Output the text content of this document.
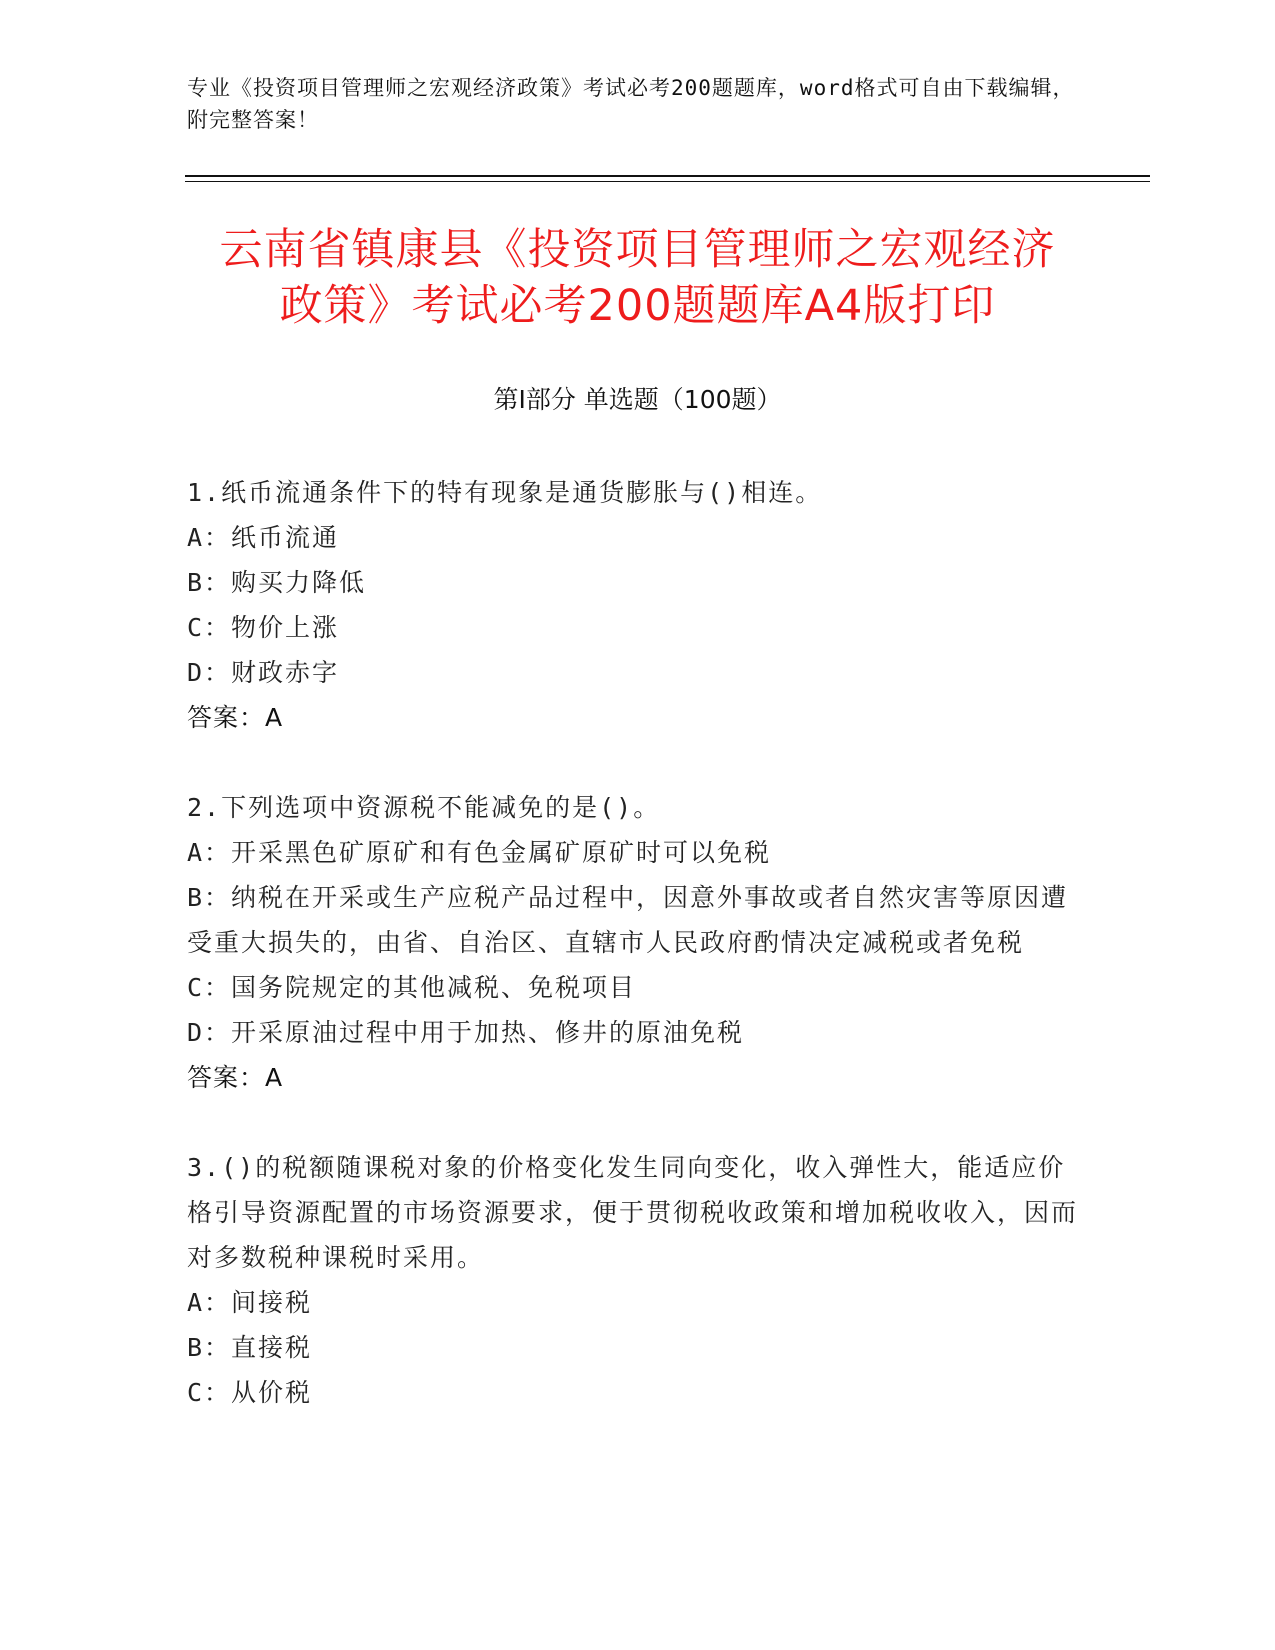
专业《投资项目管理师之宏观经济政策》考试必考200题题库，word格式可自由下载编辑，附完整答案！
云南省镇康县《投资项目管理师之宏观经济
政策》考试必考200题题库A4版打印
第I部分 单选题（100题）

1.纸币流通条件下的特有现象是通货膨胀与()相连。

A：纸币流通

B：购买力降低

C：物价上涨

D：财政赤字

答案：A

2.下列选项中资源税不能减免的是()。

A：开采黑色矿原矿和有色金属矿原矿时可以免税

B：纳税在开采或生产应税产品过程中，因意外事故或者自然灾害等原因遭受重大损失的，由省、自治区、直辖市人民政府酌情决定减税或者免税

C：国务院规定的其他减税、免税项目

D：开采原油过程中用于加热、修井的原油免税

答案：A

3.()的税额随课税对象的价格变化发生同向变化，收入弹性大，能适应价格引导资源配置的市场资源要求，便于贯彻税收政策和增加税收收入，因而对多数税种课税时采用。

A：间接税

B：直接税

C：从价税
